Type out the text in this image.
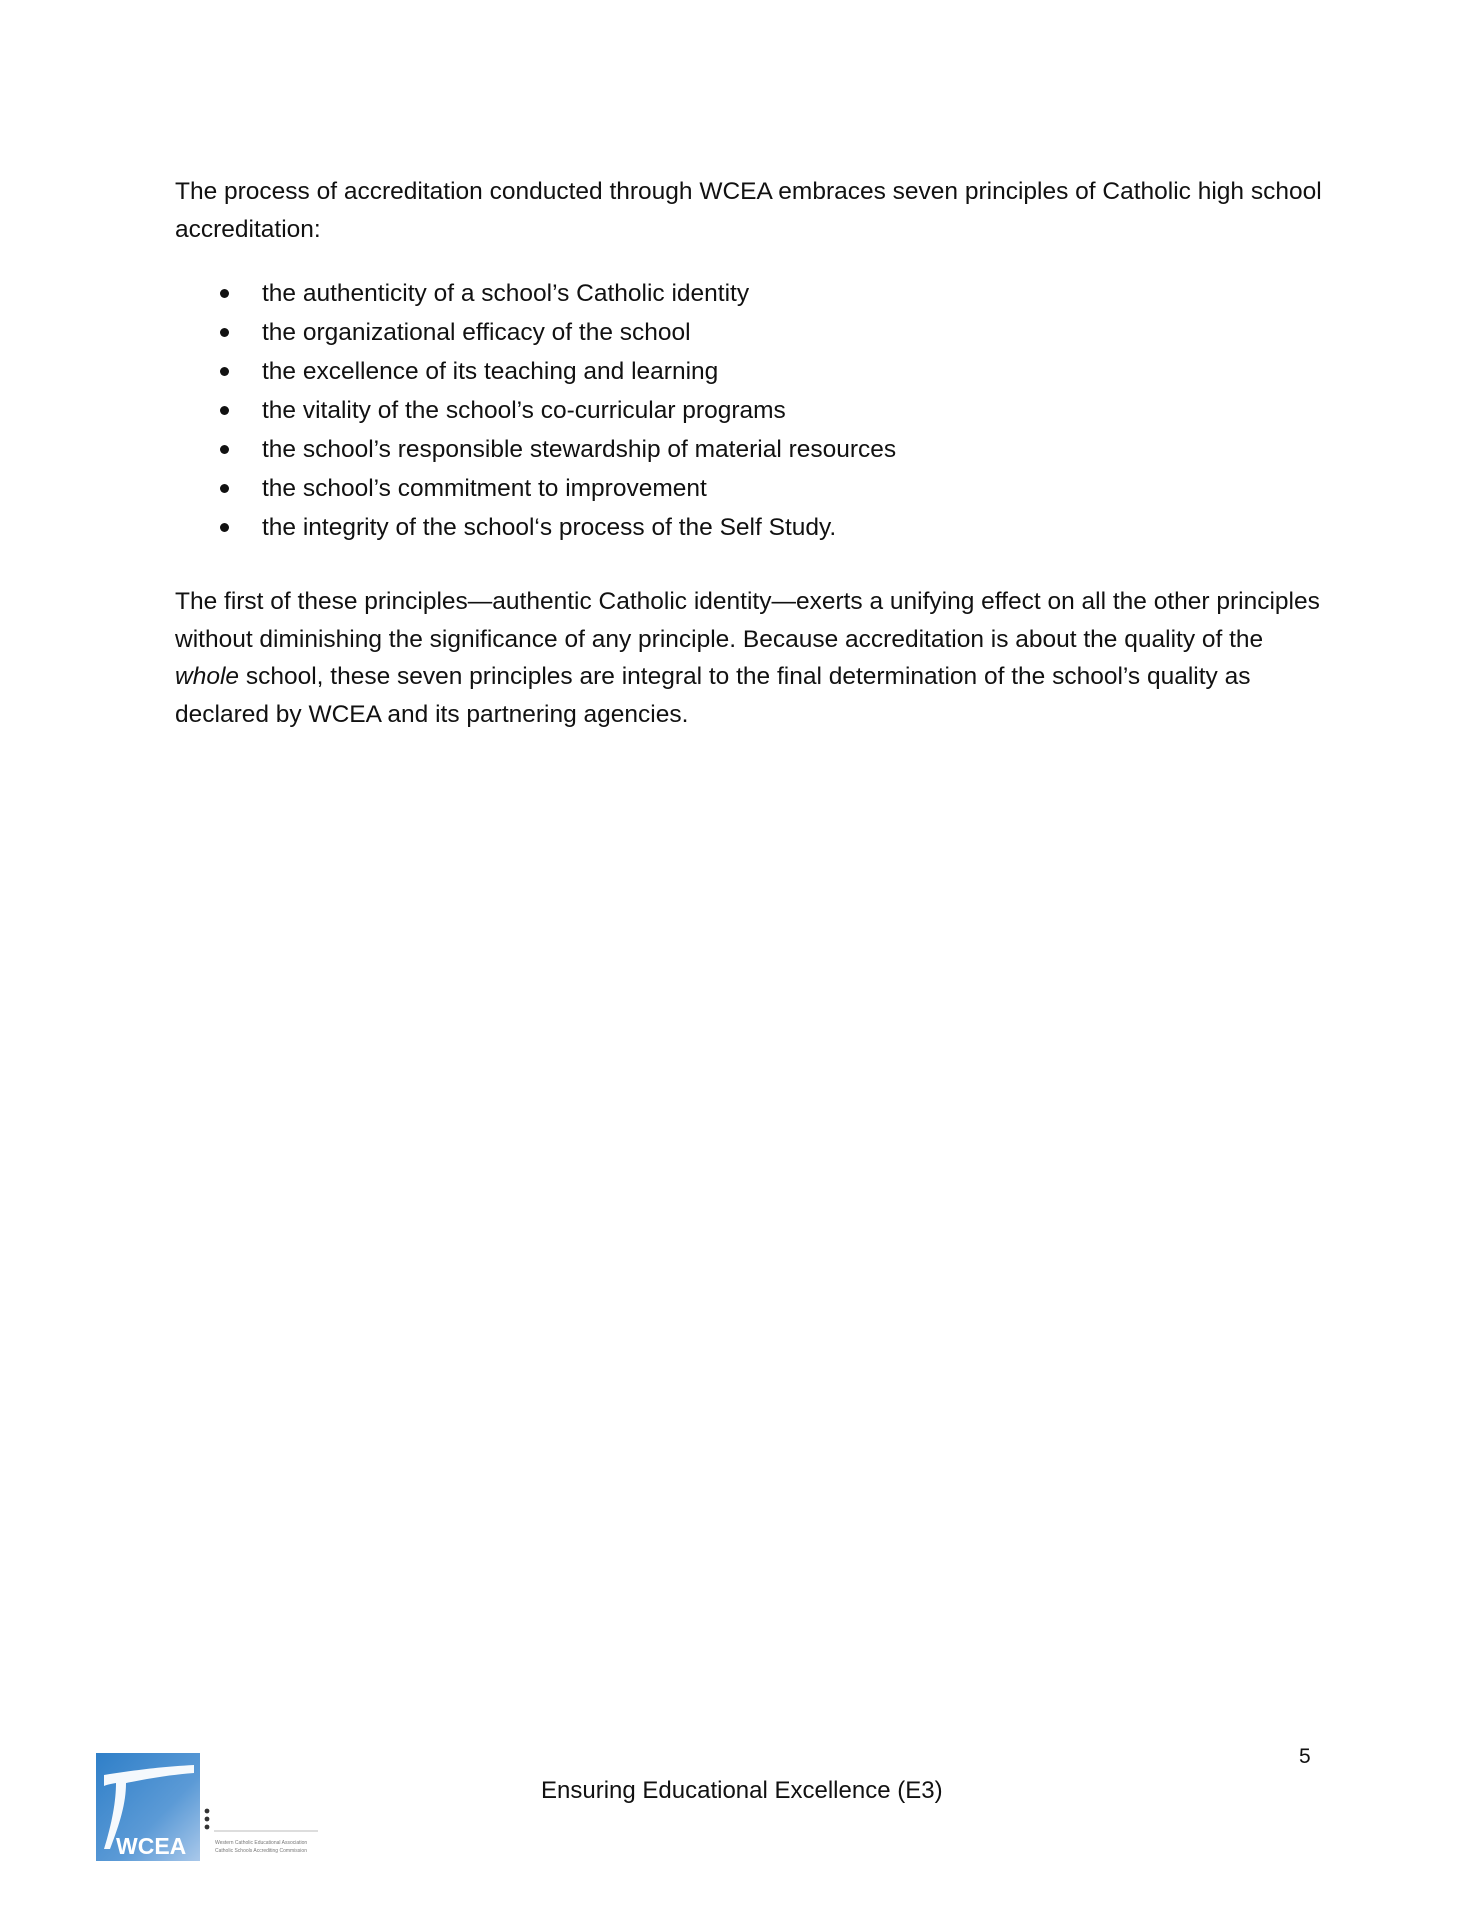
The process of accreditation conducted through WCEA embraces seven principles of Catholic high school accreditation:

the authenticity of a school’s Catholic identity
the organizational efficacy of the school
the excellence of its teaching and learning
the vitality of the school’s co-curricular programs
the school’s responsible stewardship of material resources
the school’s commitment to improvement
the integrity of the school‘s process of the Self Study.

The first of these principles—authentic Catholic identity—exerts a unifying effect on all the other principles without diminishing the significance of any principle. Because accreditation is about the quality of the whole school, these seven principles are integral to the final determination of the school’s quality as declared by WCEA and its partnering agencies.

5
Ensuring Educational Excellence (E3)
WCEA	Western Catholic Educational Association
Catholic Schools Accrediting Commission
